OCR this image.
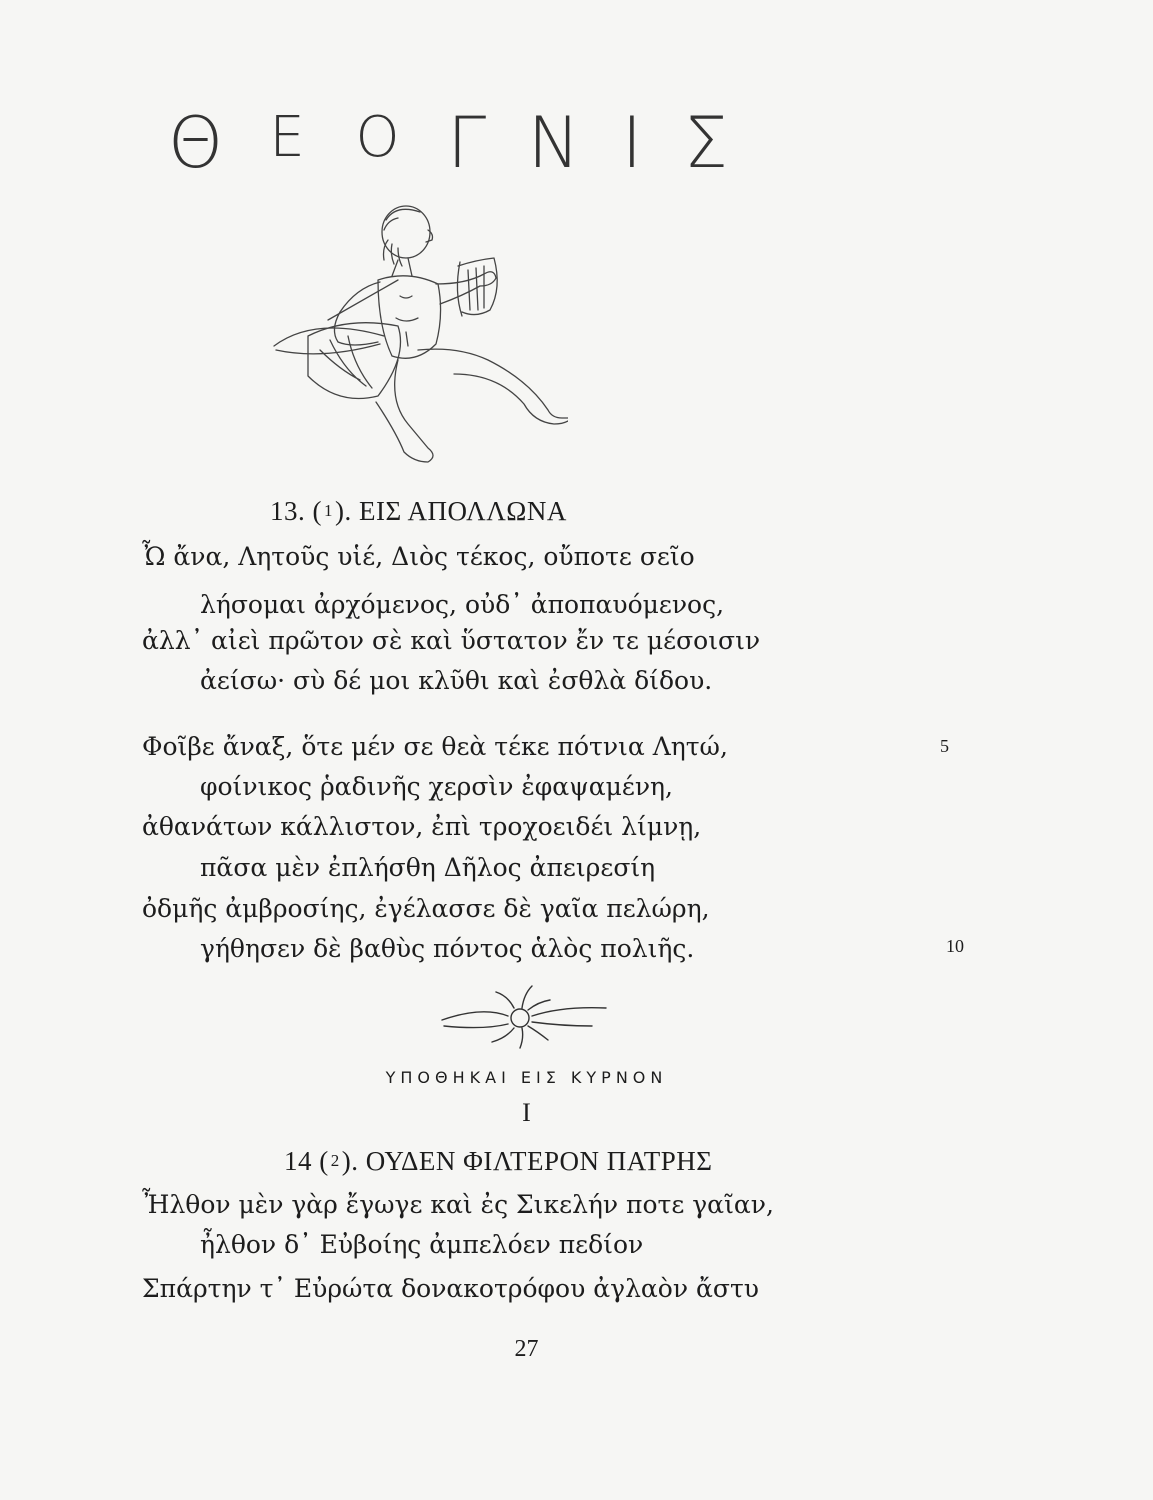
Θ Ε Ο Γ Ν Ι Σ
13. ( $^1$). ΕΙΣ ΑΠΟΛΛΩΝΑ
Ὦ ἄνα, Λητοῦς υἱέ, Διὸς τέκος, οὔποτε σεῖο
λήσομαι ἀρχόμενος, οὐδ᾽ ἀποπαυόμενος,
ἀλλ᾽ αἰεὶ πρῶτον σὲ καὶ ὕστατον ἔν τε μέσοισιν
ἀείσω· σὺ δέ μοι κλῦθι καὶ ἐσθλὰ δίδου.
Φοῖβε ἄναξ, ὅτε μέν σε θεὰ τέκε πότνια Λητώ,
φοίνικος ῥαδινῆς χερσὶν ἐφαψαμένη,
ἀθανάτων κάλλιστον, ἐπὶ τροχοειδέι λίμνῃ,
πᾶσα μὲν ἐπλήσθη Δῆλος ἀπειρεσίη
ὀδμῆς ἀμβροσίης, ἐγέλασσε δὲ γαῖα πελώρη,
γήθησεν δὲ βαθὺς πόντος ἁλὸς πολιῆς.
5
10
ΥΠΟΘΗΚΑΙ ΕΙΣ ΚΥΡΝΟΝ
I
14 ( $^2$). ΟΥΔΕΝ ΦΙΛΤΕΡΟΝ ΠΑΤΡΗΣ
Ἦλθον μὲν γὰρ ἔγωγε καὶ ἐς Σικελήν ποτε γαῖαν,
ἦλθον δ᾽ Εὐβοίης ἀμπελόεν πεδίον
Σπάρτην τ᾽ Εὐρώτα δονακοτρόφου ἀγλαὸν ἄστυ
27
